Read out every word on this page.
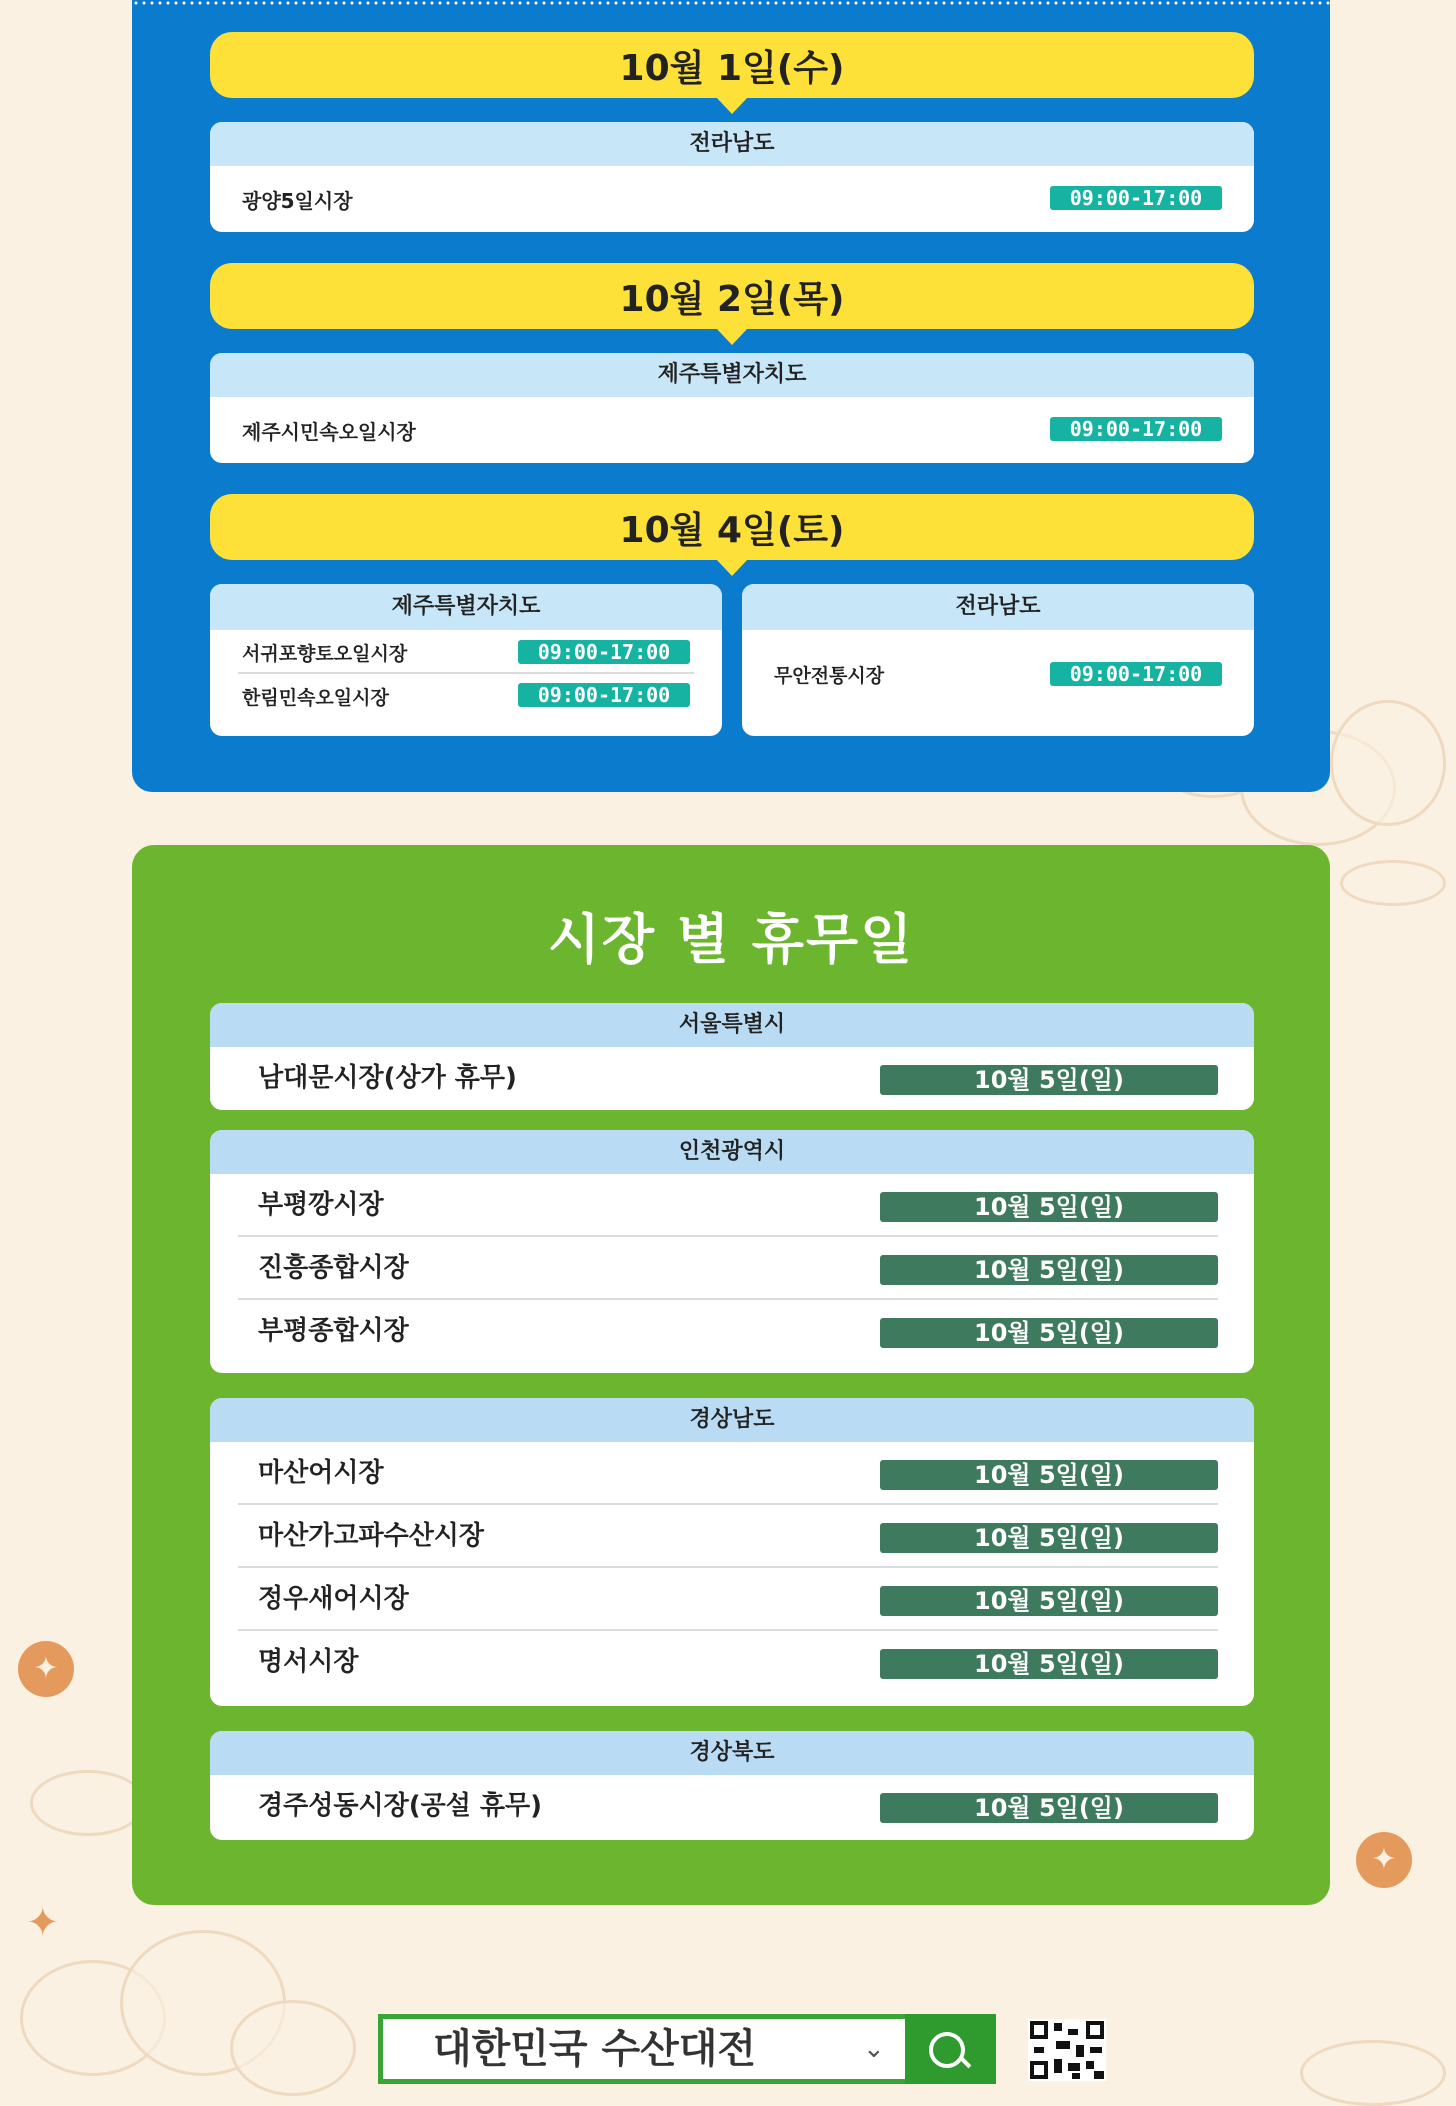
✦
✦
✦
10월 1일(수)
전라남도
광양5일시장	09:00-17:00
10월 2일(목)
제주특별자치도
제주시민속오일시장	09:00-17:00
10월 4일(토)
제주특별자치도
서귀포향토오일시장	09:00-17:00
한림민속오일시장	09:00-17:00
전라남도
무안전통시장	09:00-17:00
시장 별 휴무일
서울특별시
남대문시장(상가 휴무)	10월 5일(일)
인천광역시
부평깡시장	10월 5일(일)
진흥종합시장	10월 5일(일)
부평종합시장	10월 5일(일)
경상남도
마산어시장	10월 5일(일)
마산가고파수산시장	10월 5일(일)
정우새어시장	10월 5일(일)
명서시장	10월 5일(일)
경상북도
경주성동시장(공설 휴무)	10월 5일(일)
대한민국 수산대전	⌄
